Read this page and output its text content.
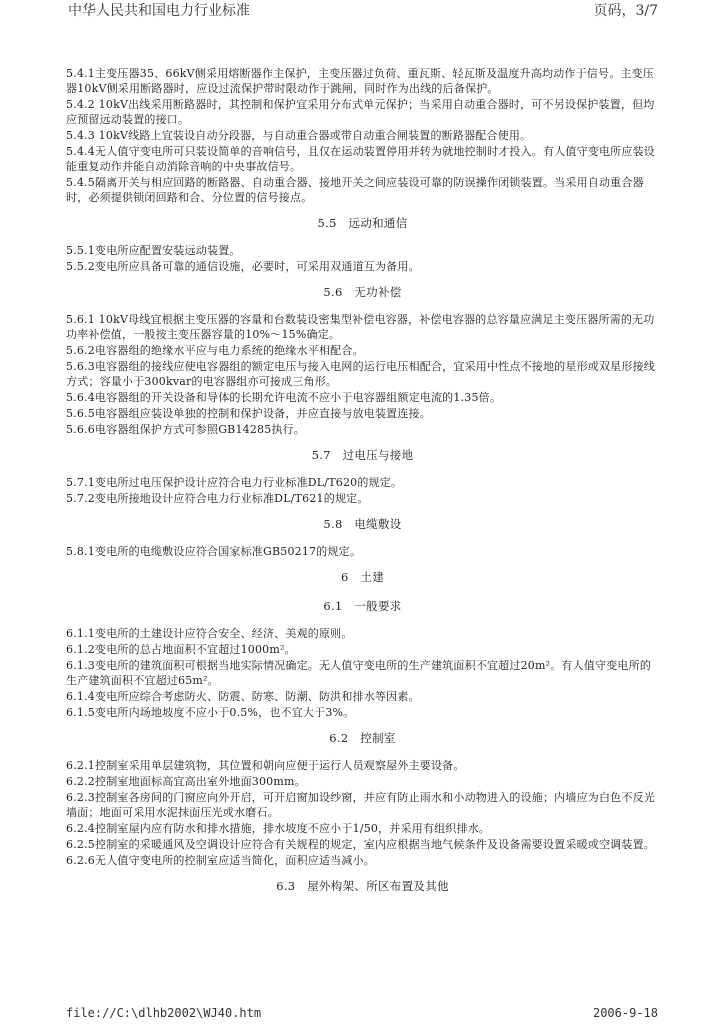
中华人民共和国电力行业标准	页码，3/7
5.4.1主变压器35、66kV侧采用熔断器作主保护，主变压器过负荷、重瓦斯、轻瓦斯及温度升高均动作于信号。主变压器10kV侧采用断路器时，应设过流保护带时限动作于跳闸，同时作为出线的后备保护。
5.4.2 10kV出线采用断路器时，其控制和保护宜采用分布式单元保护；当采用自动重合器时，可不另设保护装置，但均应预留远动装置的接口。
5.4.3 10kV线路上宜装设自动分段器，与自动重合器或带自动重合闸装置的断路器配合使用。
5.4.4无人值守变电所可只装设简单的音响信号，且仅在运动装置停用并转为就地控制时才投入。有人值守变电所应装设能重复动作并能自动消除音响的中央事故信号。
5.4.5隔离开关与相应回路的断路器、自动重合器、接地开关之间应装设可靠的防误操作闭锁装置。当采用自动重合器时，必须提供锁闭回路和合、分位置的信号接点。
5.5　远动和通信
5.5.1变电所应配置安装远动装置。
5.5.2变电所应具备可靠的通信设施，必要时，可采用双通道互为备用。
5.6　无功补偿
5.6.1 10kV母线宜根据主变压器的容量和台数装设密集型补偿电容器，补偿电容器的总容量应满足主变压器所需的无功功率补偿值，一般按主变压器容量的10%～15%确定。
5.6.2电容器组的绝缘水平应与电力系统的绝缘水平相配合。
5.6.3电容器组的接线应使电容器组的额定电压与接入电网的运行电压相配合，宜采用中性点不接地的星形或双星形接线方式；容量小于300kvar的电容器组亦可接成三角形。
5.6.4电容器组的开关设备和导体的长期允许电流不应小于电容器组额定电流的1.35倍。
5.6.5电容器组应装设单独的控制和保护设备，并应直接与放电装置连接。
5.6.6电容器组保护方式可参照GB14285执行。
5.7　过电压与接地
5.7.1变电所过电压保护设计应符合电力行业标准DL/T620的规定。
5.7.2变电所接地设计应符合电力行业标准DL/T621的规定。
5.8　电缆敷设
5.8.1变电所的电缆敷设应符合国家标准GB50217的规定。
6　土建
6.1　一般要求
6.1.1变电所的土建设计应符合安全、经济、美观的原则。
6.1.2变电所的总占地面积不宜超过1000m²。
6.1.3变电所的建筑面积可根据当地实际情况确定。无人值守变电所的生产建筑面积不宜超过20m²。有人值守变电所的生产建筑面积不宜超过65m²。
6.1.4变电所应综合考虑防火、防震、防寒、防潮、防洪和排水等因素。
6.1.5变电所内场地坡度不应小于0.5%，也不宜大于3%。
6.2　控制室
6.2.1控制室采用单层建筑物，其位置和朝向应便于运行人员观察屋外主要设备。
6.2.2控制室地面标高宜高出室外地面300mm。
6.2.3控制室各房间的门窗应向外开启，可开启窗加设纱窗，并应有防止雨水和小动物进入的设施；内墙应为白色不反光墙面；地面可采用水泥抹面压光或水磨石。
6.2.4控制室屋内应有防水和排水措施，排水坡度不应小于1/50，并采用有组织排水。
6.2.5控制室的采暖通风及空调设计应符合有关规程的规定，室内应根据当地气候条件及设备需要设置采暖或空调装置。
6.2.6无人值守变电所的控制室应适当简化，面积应适当减小。
6.3　屋外构架、所区布置及其他
file://C:\dlhb2002\WJ40.htm	2006-9-18
